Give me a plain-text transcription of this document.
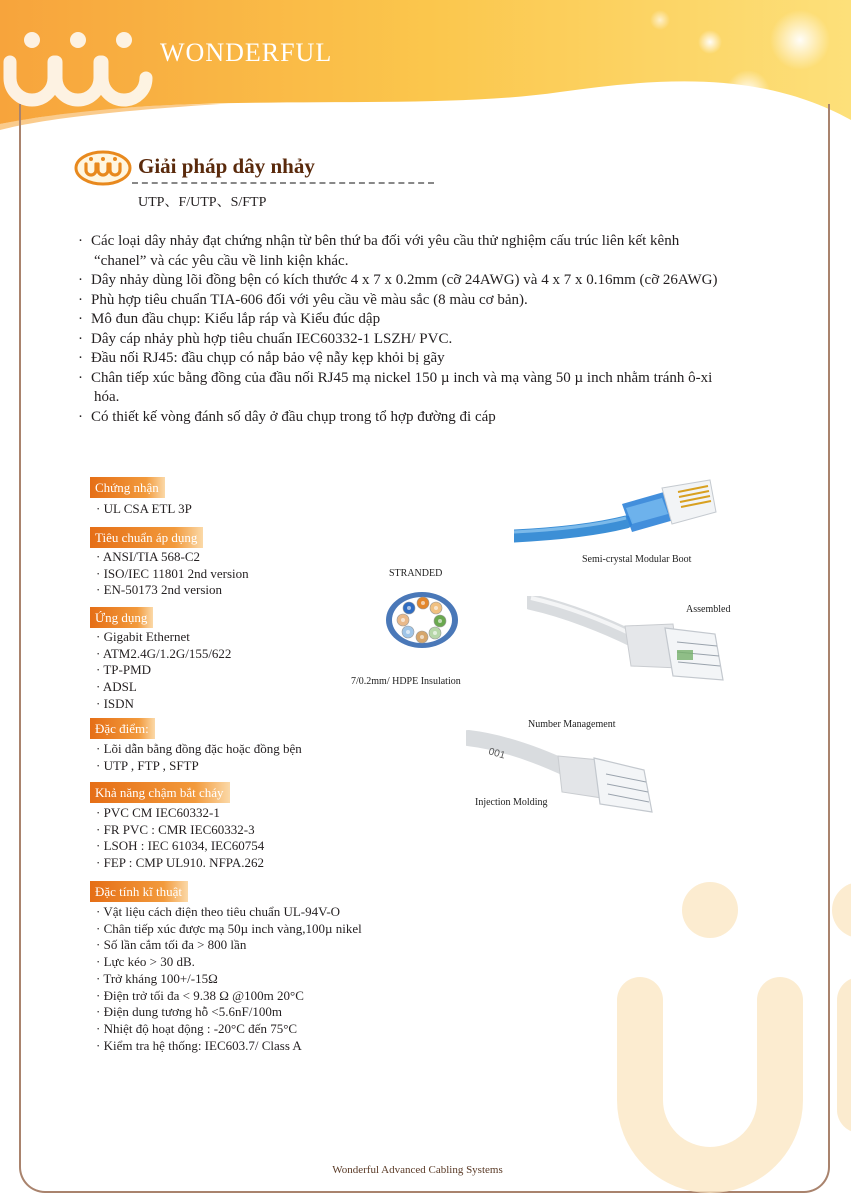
WONDERFUL
Giải pháp dây nhảy
UTP、F/UTP、S/FTP
· Các loại dây nhảy đạt chứng nhận từ bên thứ ba đối với yêu cầu thử nghiệm cấu trúc liên kết kênh
“chanel” và các yêu cầu về linh kiện khác.
· Dây nhảy dùng lõi đồng bện có kích thước 4 x 7 x 0.2mm (cỡ 24AWG) và 4 x 7 x 0.16mm (cỡ 26AWG)
· Phù hợp tiêu chuẩn TIA-606 đối với yêu cầu về màu sắc (8 màu cơ bản).
· Mô đun đầu chụp: Kiểu lắp ráp và Kiểu đúc dập
· Dây cáp nhảy phù hợp tiêu chuẩn IEC60332-1 LSZH/ PVC.
· Đầu nối RJ45: đầu chụp có nắp bảo vệ nẫy kẹp khỏi bị gãy
· Chân tiếp xúc bằng đồng của đầu nối RJ45 mạ nickel 150 µ inch và mạ vàng 50 µ inch nhằm tránh ô-xi
hóa.
· Có thiết kế vòng đánh số dây ở đầu chụp trong tổ hợp đường đi cáp
Chứng nhận
· UL CSA ETL 3P
Tiêu chuẩn áp dụng
· ANSI/TIA 568-C2
· ISO/IEC 11801 2nd version
· EN-50173 2nd version
Ứng dụng
· Gigabit Ethernet
· ATM2.4G/1.2G/155/622
· TP-PMD
· ADSL
· ISDN
Đặc điểm:
· Lõi dẫn bằng đồng đặc hoặc đồng bện
· UTP , FTP , SFTP
Khả năng chậm bắt cháy
· PVC CM IEC60332-1
· FR PVC : CMR IEC60332-3
· LSOH : IEC 61034, IEC60754
· FEP : CMP UL910. NFPA.262
Đặc tính kĩ thuật
· Vật liệu cách điện theo tiêu chuẩn UL-94V-O
· Chân tiếp xúc được mạ 50µ inch vàng,100µ nikel
· Số lần cắm tối đa > 800 lần
· Lực kéo > 30 dB.
· Trở kháng 100+/-15Ω
· Điện trở tối đa < 9.38 Ω @100m 20°C
· Điện dung tương hỗ <5.6nF/100m
· Nhiệt độ hoạt động : -20°C đến 75°C
· Kiểm tra hệ thống: IEC603.7/ Class A
STRANDED
7/0.2mm/ HDPE Insulation
Semi-crystal Modular Boot
Assembled
Number Management
001
Injection Molding
Wonderful Advanced Cabling Systems
